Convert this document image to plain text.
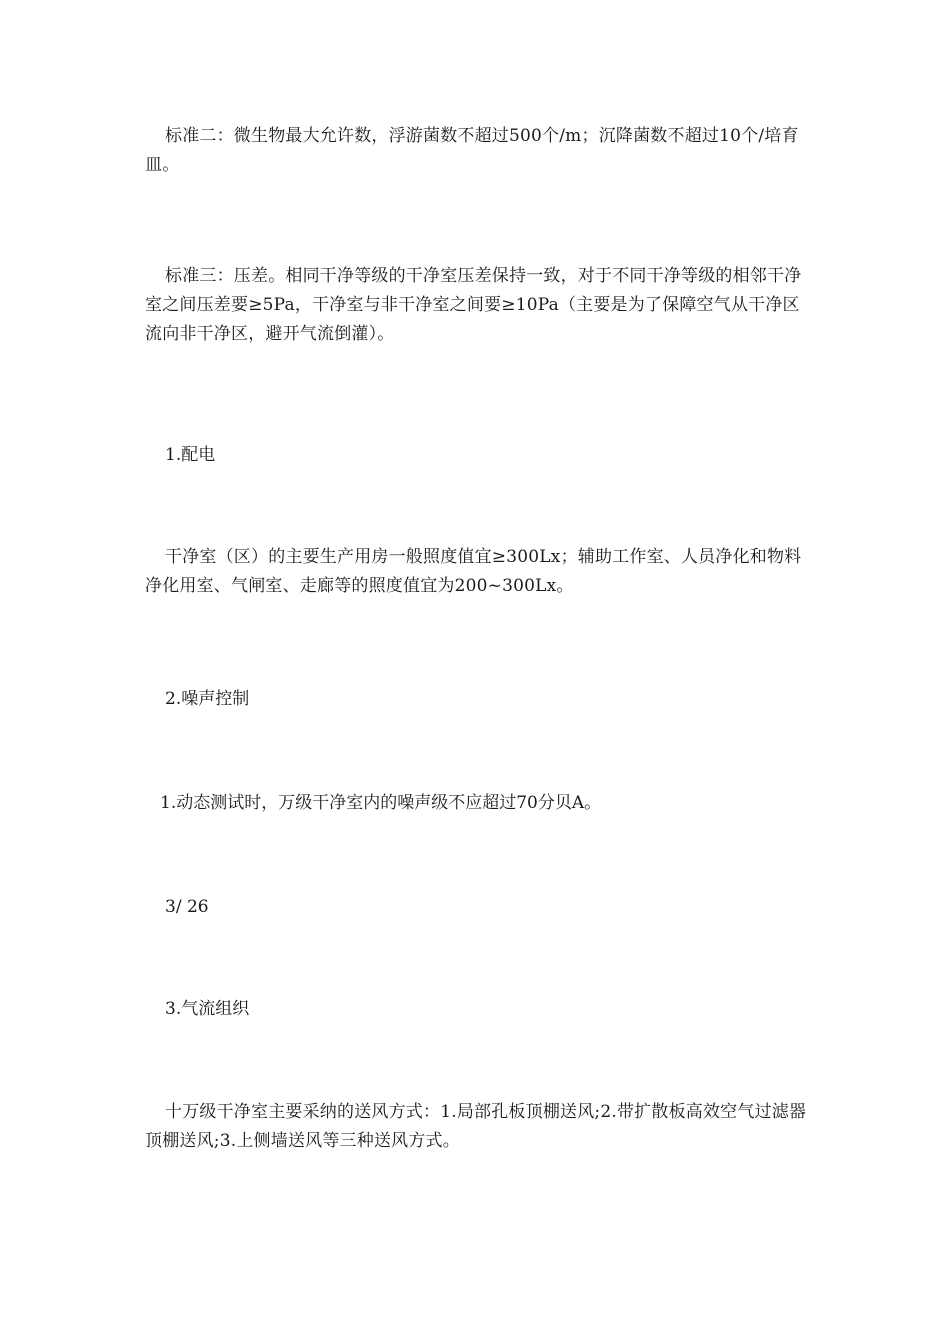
标准二：微生物最大允许数，浮游菌数不超过500个/m；沉降菌数不超过10个/培育皿。

标准三：压差。相同干净等级的干净室压差保持一致，对于不同干净等级的相邻干净室之间压差要≥5Pa，干净室与非干净室之间要≥10Pa（主要是为了保障空气从干净区流向非干净区，避开气流倒灌）。

1.配电

干净室（区）的主要生产用房一般照度值宜≥300Lx；辅助工作室、人员净化和物料净化用室、气闸室、走廊等的照度值宜为200~300Lx。

2.噪声控制

1.动态测试时，万级干净室内的噪声级不应超过70分贝A。

3/ 26

3.气流组织

十万级干净室主要采纳的送风方式：1.局部孔板顶棚送风;2.带扩散板高效空气过滤器顶棚送风;3.上侧墙送风等三种送风方式。
